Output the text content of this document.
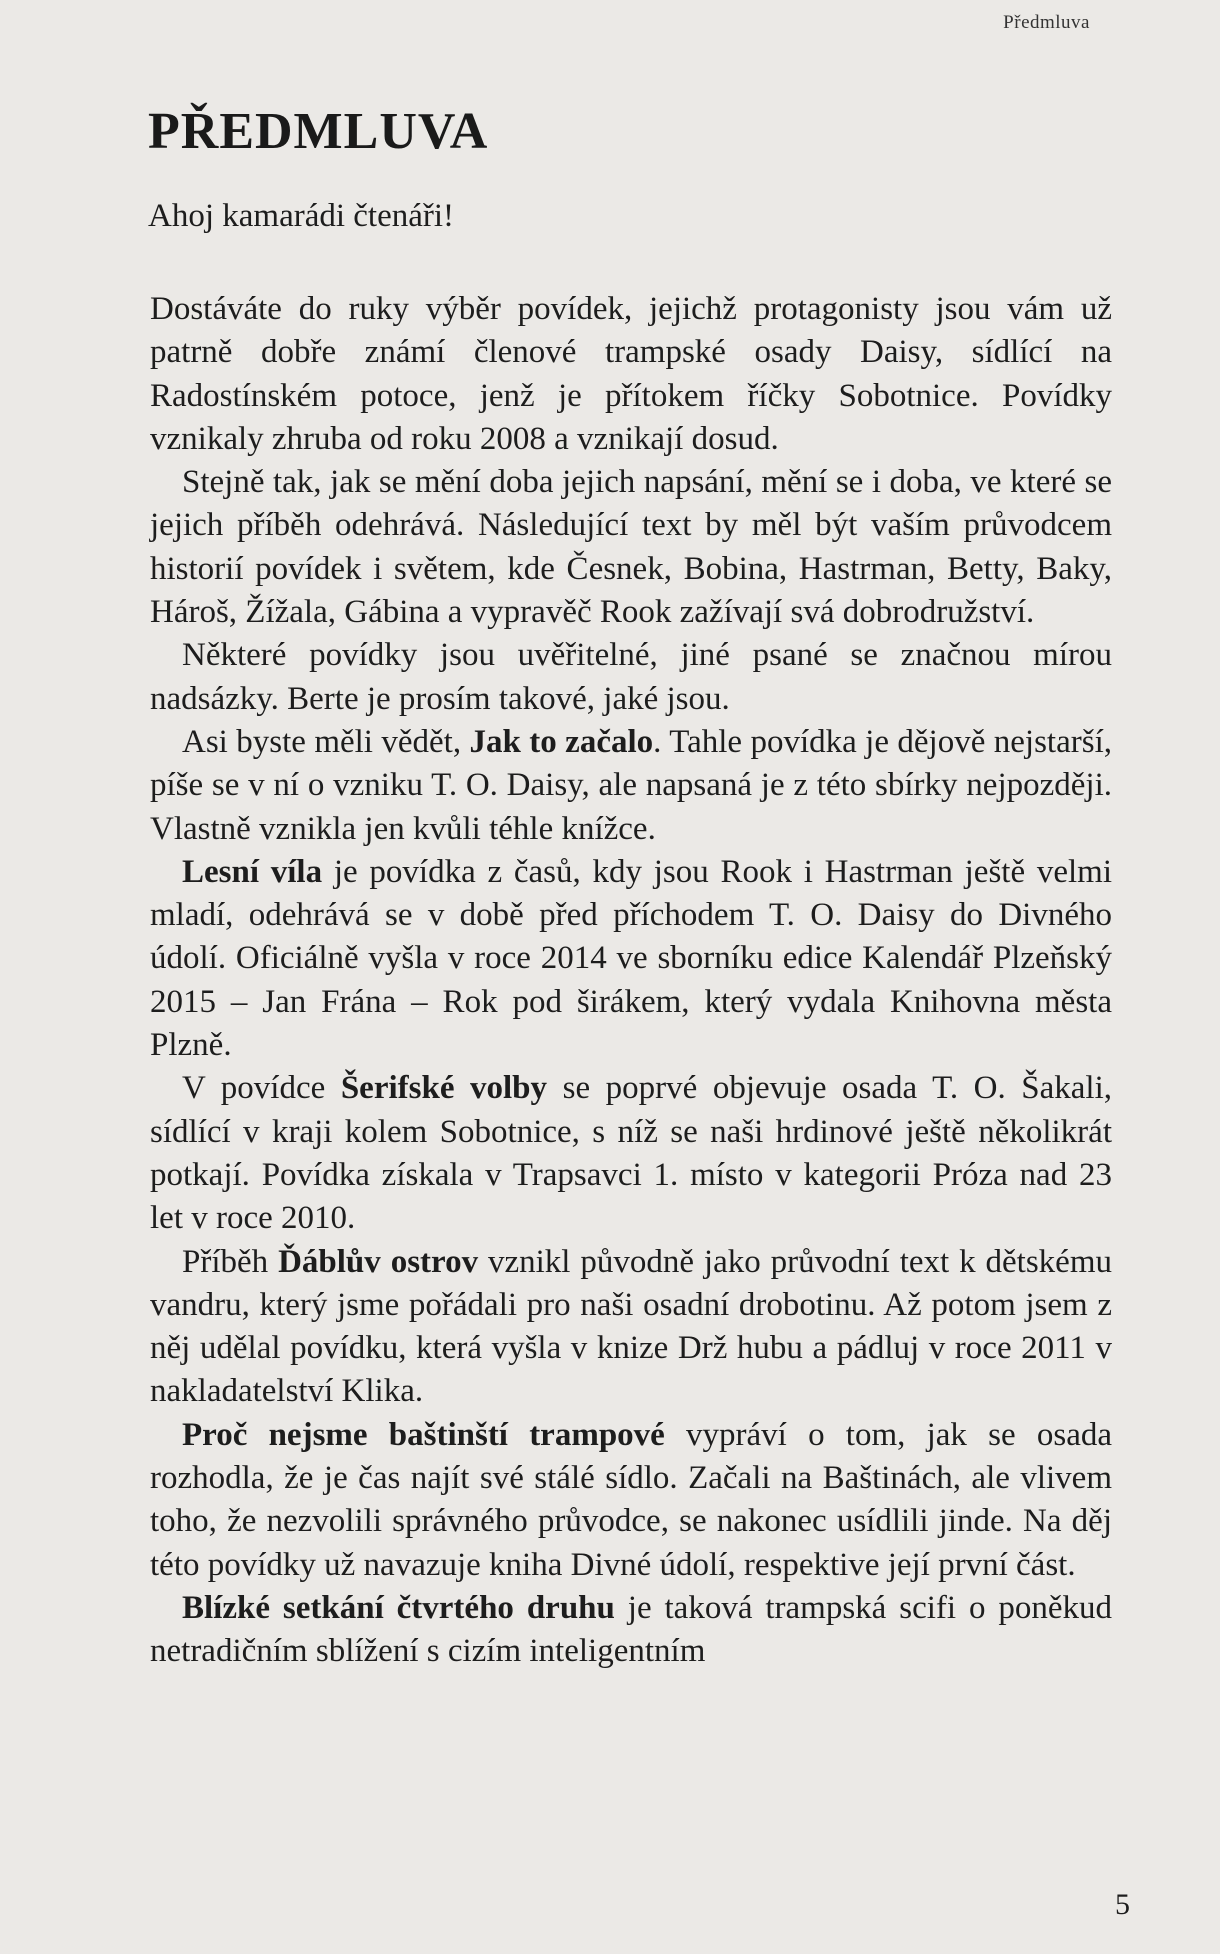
Předmluva
PŘEDMLUVA

Ahoj kamarádi čtenáři!

Dostáváte do ruky výběr povídek, jejichž protagonisty jsou vám už patrně dobře známí členové trampské osady Daisy, sídlící na Radostínském potoce, jenž je přítokem říčky Sobotnice. Povídky vznikaly zhruba od roku 2008 a vznikají dosud.

Stejně tak, jak se mění doba jejich napsání, mění se i doba, ve které se jejich příběh odehrává. Následující text by měl být vaším průvodcem historií povídek i světem, kde Česnek, Bobina, Hastrman, Betty, Baky, Hároš, Žížala, Gábina a vypravěč Rook zažívají svá dobrodružství.

Některé povídky jsou uvěřitelné, jiné psané se značnou mírou nadsázky. Berte je prosím takové, jaké jsou.

Asi byste měli vědět, Jak to začalo. Tahle povídka je dějově nejstarší, píše se v ní o vzniku T. O. Daisy, ale napsaná je z této sbírky nejpozději. Vlastně vznikla jen kvůli téhle knížce.

Lesní víla je povídka z časů, kdy jsou Rook i Hastrman ještě velmi mladí, odehrává se v době před příchodem T. O. Daisy do Divného údolí. Oficiálně vyšla v roce 2014 ve sborníku edice Kalendář Plzeňský 2015 – Jan Frána – Rok pod širákem, který vydala Knihovna města Plzně.

V povídce Šerifské volby se poprvé objevuje osada T. O. Šakali, sídlící v kraji kolem Sobotnice, s níž se naši hrdinové ještě několikrát potkají. Povídka získala v Trapsavci 1. místo v kategorii Próza nad 23 let v roce 2010.

Příběh Ďáblův ostrov vznikl původně jako průvodní text k dětskému vandru, který jsme pořádali pro naši osadní drobotinu. Až potom jsem z něj udělal povídku, která vyšla v knize Drž hubu a pádluj v roce 2011 v nakladatelství Klika.

Proč nejsme baštinští trampové vypráví o tom, jak se osada rozhodla, že je čas najít své stálé sídlo. Začali na Baštinách, ale vlivem toho, že nezvolili správného průvodce, se nakonec usídlili jinde. Na děj této povídky už navazuje kniha Divné údolí, respektive její první část.

Blízké setkání čtvrtého druhu je taková trampská scifi o poněkud netradičním sblížení s cizím inteligentním

5
